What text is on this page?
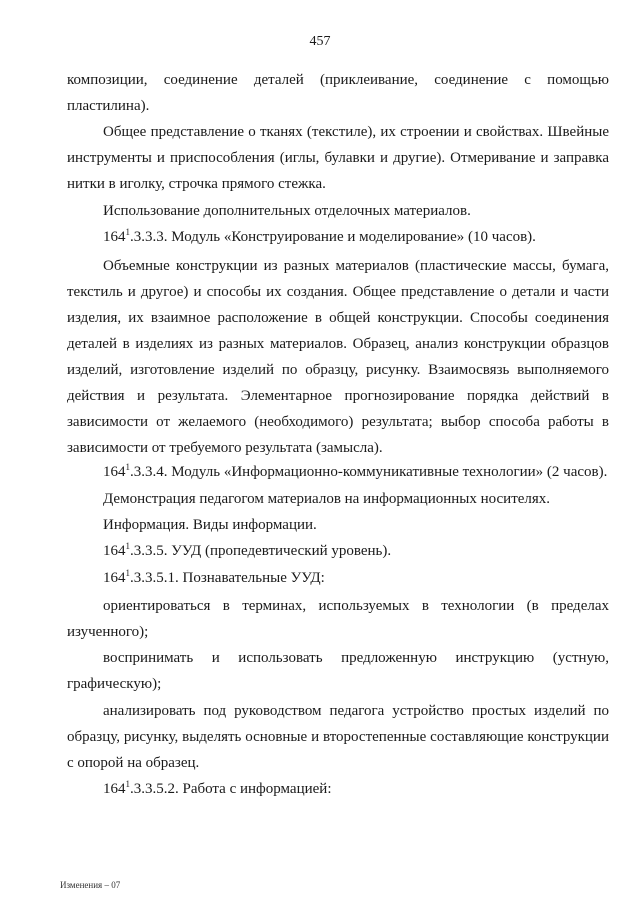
457

композиции, соединение деталей (приклеивание, соединение с помощью пластилина).

Общее представление о тканях (текстиле), их строении и свойствах. Швейные инструменты и приспособления (иглы, булавки и другие). Отмеривание и заправка нитки в иголку, строчка прямого стежка.

Использование дополнительных отделочных материалов.

$164^1.3.3.3$. Модуль «Конструирование и моделирование» (10 часов).

Объемные конструкции из разных материалов (пластические массы, бумага, текстиль и другое) и способы их создания. Общее представление о детали и части изделия, их взаимное расположение в общей конструкции. Способы соединения деталей в изделиях из разных материалов. Образец, анализ конструкции образцов изделий, изготовление изделий по образцу, рисунку. Взаимосвязь выполняемого действия и результата. Элементарное прогнозирование порядка действий в зависимости от желаемого (необходимого) результата; выбор способа работы в зависимости от требуемого результата (замысла).

$164^1.3.3.4$. Модуль «Информационно-коммуникативные технологии» (2 часов).

Демонстрация педагогом материалов на информационных носителях.

Информация. Виды информации.

$164^1.3.3.5$. УУД (пропедевтический уровень).

$164^1.3.3.5.1$. Познавательные УУД:

ориентироваться в терминах, используемых в технологии (в пределах изученного);

воспринимать и использовать предложенную инструкцию (устную, графическую);

анализировать под руководством педагога устройство простых изделий по образцу, рисунку, выделять основные и второстепенные составляющие конструкции с опорой на образец.

$164^1.3.3.5.2$. Работа с информацией:

Изменения – 07
